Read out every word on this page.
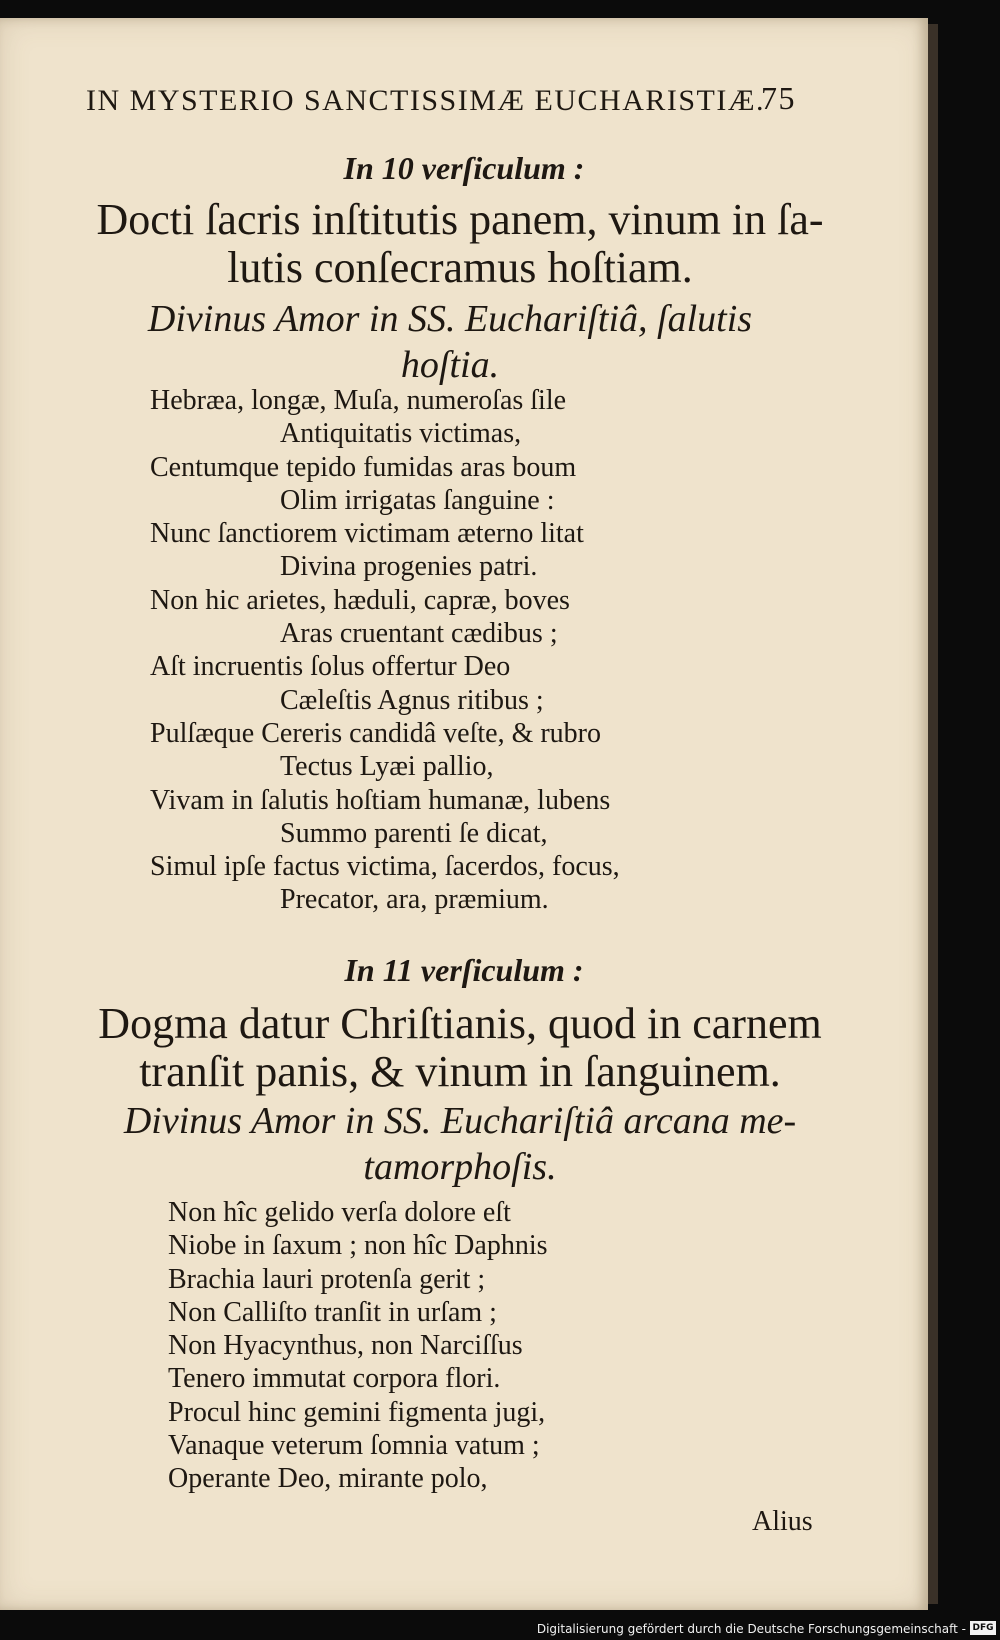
IN MYSTERIO SANCTISSIMÆ EUCHARISTIÆ.
75
In 10 verſiculum :
Docti ſacris inſtitutis panem, vinum in ſa-
lutis conſecramus hoſtiam.
Divinus Amor in SS. Euchariſtiâ, ſalutis
hoſtia.
Hebræa, longæ, Muſa, numeroſas ſile
Antiquitatis victimas,
Centumque tepido fumidas aras boum
Olim irrigatas ſanguine :
Nunc ſanctiorem victimam æterno litat
Divina progenies patri.
Non hic arietes, hæduli, capræ, boves
Aras cruentant cædibus ;
Aſt incruentis ſolus offertur Deo
Cæleſtis Agnus ritibus ;
Pulſæque Cereris candidâ veſte, & rubro
Tectus Lyæi pallio,
Vivam in ſalutis hoſtiam humanæ, lubens
Summo parenti ſe dicat,
Simul ipſe factus victima, ſacerdos, focus,
Precator, ara, præmium.
In 11 verſiculum :
Dogma datur Chriſtianis, quod in carnem
tranſit panis, & vinum in ſanguinem.
Divinus Amor in SS. Euchariſtiâ arcana me-
tamorphoſis.
Non hîc gelido verſa dolore eſt
Niobe in ſaxum ; non hîc Daphnis
Brachia lauri protenſa gerit ;
Non Calliſto tranſit in urſam ;
Non Hyacynthus, non Narciſſus
Tenero immutat corpora flori.
Procul hinc gemini figmenta jugi,
Vanaque veterum ſomnia vatum ;
Operante Deo, mirante polo,
Alius
Digitalisierung gefördert durch die Deutsche Forschungsgemeinschaft - DFG
